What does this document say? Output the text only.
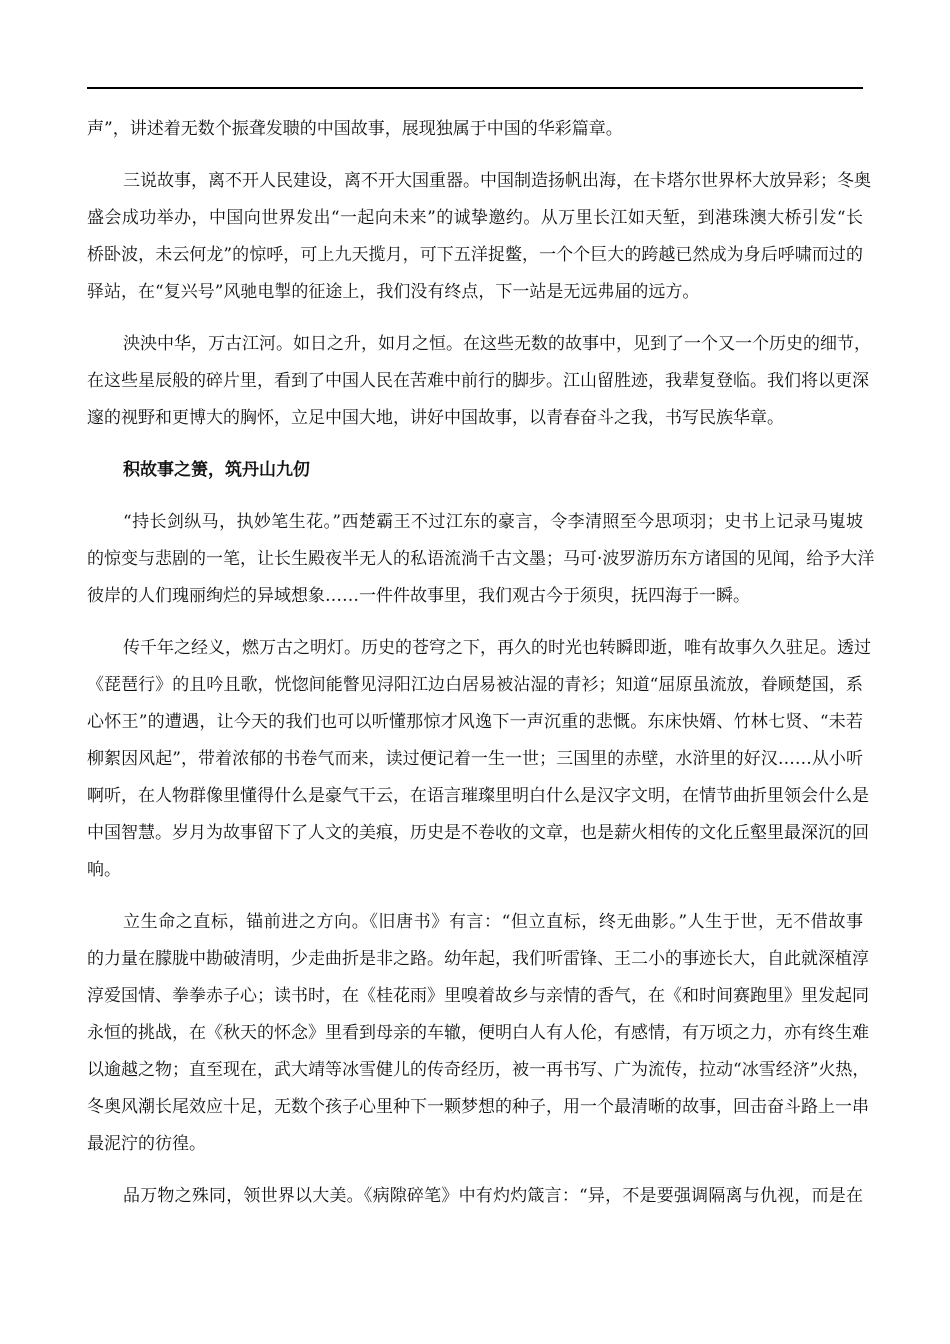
声”，讲述着无数个振聋发聩的中国故事，展现独属于中国的华彩篇章。
三说故事，离不开人民建设，离不开大国重器。中国制造扬帆出海，在卡塔尔世界杯大放异彩；冬奥
盛会成功举办，中国向世界发出“一起向未来”的诚挚邀约。从万里长江如天堑，到港珠澳大桥引发“长
桥卧波，未云何龙”的惊呼，可上九天揽月，可下五洋捉鳖，一个个巨大的跨越已然成为身后呼啸而过的
驿站，在“复兴号”风驰电掣的征途上，我们没有终点，下一站是无远弗届的远方。
泱泱中华，万古江河。如日之升，如月之恒。在这些无数的故事中，见到了一个又一个历史的细节，
在这些星辰般的碎片里，看到了中国人民在苦难中前行的脚步。江山留胜迹，我辈复登临。我们将以更深
邃的视野和更博大的胸怀，立足中国大地，讲好中国故事，以青春奋斗之我，书写民族华章。
积故事之箦，筑丹山九仞
“持长剑纵马，执妙笔生花。”西楚霸王不过江东的豪言，令李清照至今思项羽；史书上记录马嵬坡
的惊变与悲剧的一笔，让长生殿夜半无人的私语流淌千古文墨；马可·波罗游历东方诸国的见闻，给予大洋
彼岸的人们瑰丽绚烂的异域想象……一件件故事里，我们观古今于须臾，抚四海于一瞬。
传千年之经义，燃万古之明灯。历史的苍穹之下，再久的时光也转瞬即逝，唯有故事久久驻足。透过
《琵琶行》的且吟且歌，恍惚间能瞥见浔阳江边白居易被沾湿的青衫；知道“屈原虽流放，眷顾楚国，系
心怀王”的遭遇，让今天的我们也可以听懂那惊才风逸下一声沉重的悲慨。东床快婿、竹林七贤、“未若
柳絮因风起”，带着浓郁的书卷气而来，读过便记着一生一世；三国里的赤壁，水浒里的好汉……从小听
啊听，在人物群像里懂得什么是豪气干云，在语言璀璨里明白什么是汉字文明，在情节曲折里领会什么是
中国智慧。岁月为故事留下了人文的美痕，历史是不卷收的文章，也是薪火相传的文化丘壑里最深沉的回
响。
立生命之直标，锚前进之方向。《旧唐书》有言：“但立直标，终无曲影。”人生于世，无不借故事
的力量在朦胧中勘破清明，少走曲折是非之路。幼年起，我们听雷锋、王二小的事迹长大，自此就深植淳
淳爱国情、拳拳赤子心；读书时，在《桂花雨》里嗅着故乡与亲情的香气，在《和时间赛跑里》里发起同
永恒的挑战，在《秋天的怀念》里看到母亲的车辙，便明白人有人伦，有感情，有万顷之力，亦有终生难
以逾越之物；直至现在，武大靖等冰雪健儿的传奇经历，被一再书写、广为流传，拉动“冰雪经济”火热，
冬奥风潮长尾效应十足，无数个孩子心里种下一颗梦想的种子，用一个最清晰的故事，回击奋斗路上一串
最泥泞的彷徨。
品万物之殊同，领世界以大美。《病隙碎笔》中有灼灼箴言：“异，不是要强调隔离与仇视，而是在
